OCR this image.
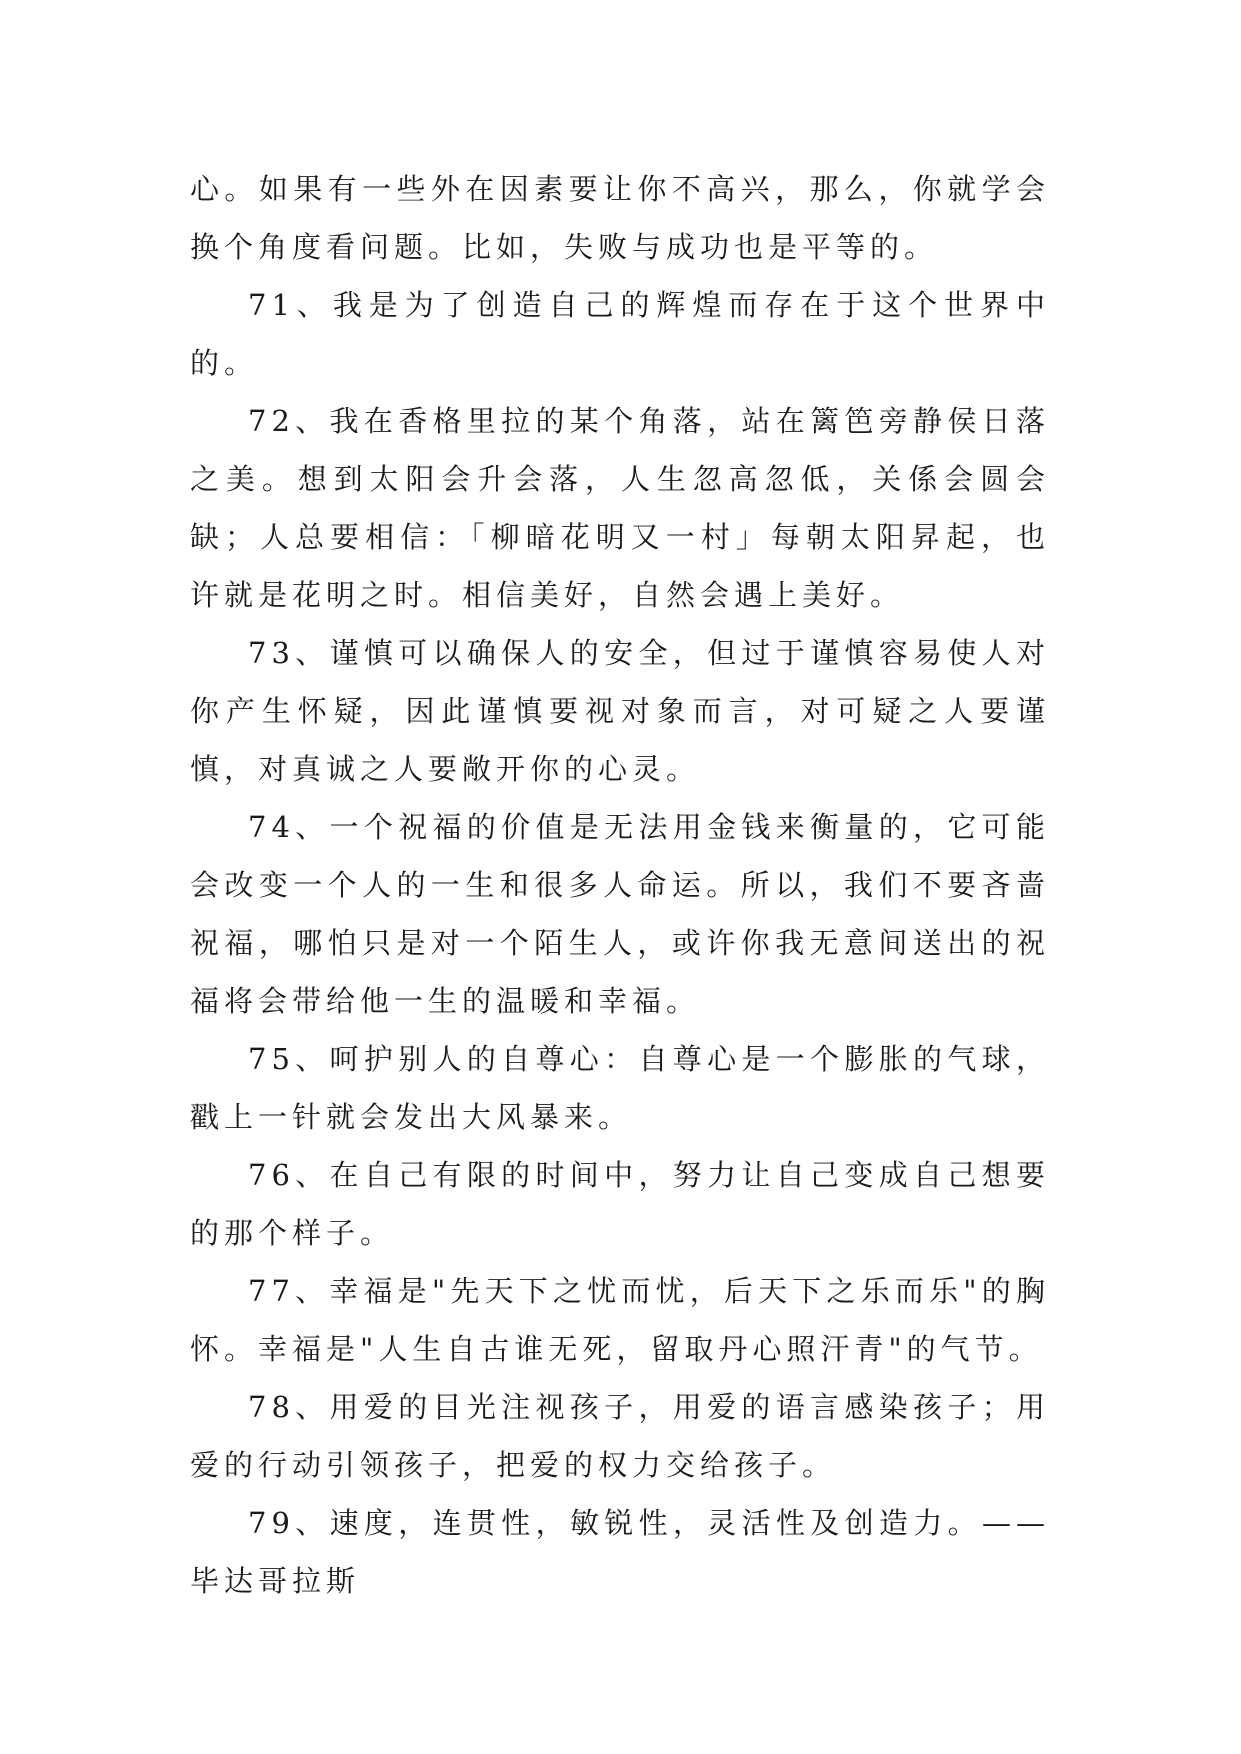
心。如果有一些外在因素要让你不高兴，那么，你就学会换个角度看问题。比如，失败与成功也是平等的。

71、我是为了创造自己的辉煌而存在于这个世界中的。

72、我在香格里拉的某个角落，站在篱笆旁静侯日落之美。想到太阳会升会落，人生忽高忽低，关係会圆会缺；人总要相信：「柳暗花明又一村」每朝太阳昇起，也许就是花明之时。相信美好，自然会遇上美好。

73、谨慎可以确保人的安全，但过于谨慎容易使人对你产生怀疑，因此谨慎要视对象而言，对可疑之人要谨慎，对真诚之人要敞开你的心灵。

74、一个祝福的价值是无法用金钱来衡量的，它可能会改变一个人的一生和很多人命运。所以，我们不要吝啬祝福，哪怕只是对一个陌生人，或许你我无意间送出的祝福将会带给他一生的温暖和幸福。

75、呵护别人的自尊心：自尊心是一个膨胀的气球，戳上一针就会发出大风暴来。

76、在自己有限的时间中，努力让自己变成自己想要的那个样子。

77、幸福是"先天下之忧而忧，后天下之乐而乐"的胸怀。幸福是"人生自古谁无死，留取丹心照汗青"的气节。

78、用爱的目光注视孩子，用爱的语言感染孩子；用爱的行动引领孩子，把爱的权力交给孩子。

79、速度，连贯性，敏锐性，灵活性及创造力。——毕达哥拉斯
